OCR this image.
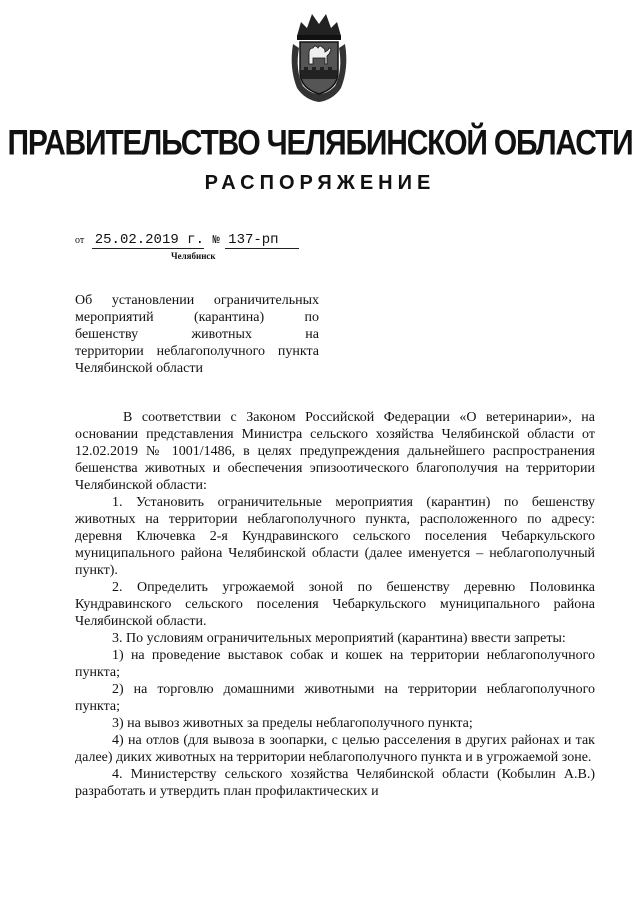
ПРАВИТЕЛЬСТВО ЧЕЛЯБИНСКОЙ ОБЛАСТИ
РАСПОРЯЖЕНИЕ
от 25.02.2019 г. № 137-рп
Челябинск
Об установлении ограничительных
мероприятий (карантина) по
бешенству животных на
территории неблагополучного пункта
Челябинской области

В соответствии с Законом Российской Федерации «О ветеринарии», на основании представления Министра сельского хозяйства Челябинской области от 12.02.2019 № 1001/1486, в целях предупреждения дальнейшего распространения бешенства животных и обеспечения эпизоотического благополучия на территории Челябинской области:

1. Установить ограничительные мероприятия (карантин) по бешенству животных на территории неблагополучного пункта, расположенного по адресу: деревня Ключевка 2-я Кундравинского сельского поселения Чебаркульского муниципального района Челябинской области (далее именуется – неблагополучный пункт).

2. Определить угрожаемой зоной по бешенству деревню Половинка Кундравинского сельского поселения Чебаркульского муниципального района Челябинской области.

3. По условиям ограничительных мероприятий (карантина) ввести запреты:

1) на проведение выставок собак и кошек на территории неблагополучного пункта;

2) на торговлю домашними животными на территории неблагополучного пункта;

3) на вывоз животных за пределы неблагополучного пункта;

4) на отлов (для вывоза в зоопарки, с целью расселения в других районах и так далее) диких животных на территории неблагополучного пункта и в угрожаемой зоне.

4. Министерству сельского хозяйства Челябинской области (Кобылин А.В.) разработать и утвердить план профилактических и
